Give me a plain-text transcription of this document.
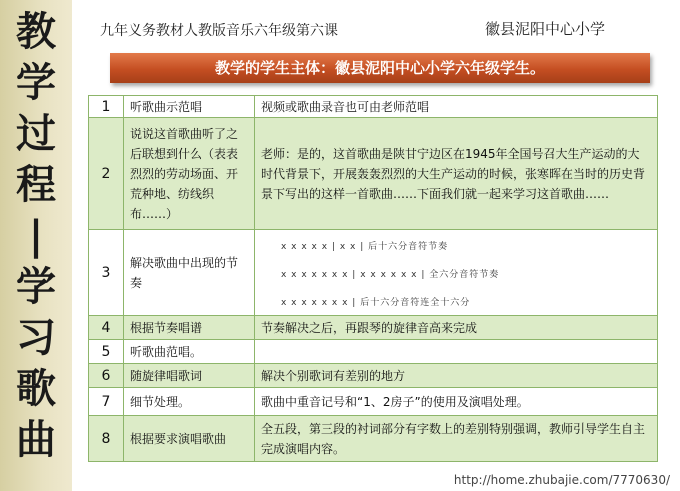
教
学
过
程
|
学
习
歌
曲
九年义务教材人教版音乐六年级第六课	徽县泥阳中心小学
教学的学生主体：徽县泥阳中心小学六年级学生。
1	听歌曲示范唱	视频或歌曲录音也可由老师范唱
2	说说这首歌曲听了之后联想到什么（表表烈烈的劳动场面、开荒种地、纺线织布……）	老师：是的，这首歌曲是陕甘宁边区在1945年全国号召大生产运动的大时代背景下，开展轰轰烈烈的大生产运动的时候，张寒晖在当时的历史背景下写出的这样一首歌曲……下面我们就一起来学习这首歌曲……
3	解决歌曲中出现的节奏	x x x x x | x x | 后十六分音符节奏
x x x x x x x | x x x x x x | 全六分音符节奏
x x x x x x x | 后十六分音符连全十六分

4	根据节奏唱谱	节奏解决之后，再跟琴的旋律音高来完成
5	听歌曲范唱。	
6	随旋律唱歌词	解决个别歌词有差别的地方
7	细节处理。	歌曲中重音记号和“1、2房子”的使用及演唱处理。
8	根据要求演唱歌曲	全五段，第三段的衬词部分有字数上的差别特别强调，教师引导学生自主完成演唱内容。
http://home.zhubajie.com/7770630/
